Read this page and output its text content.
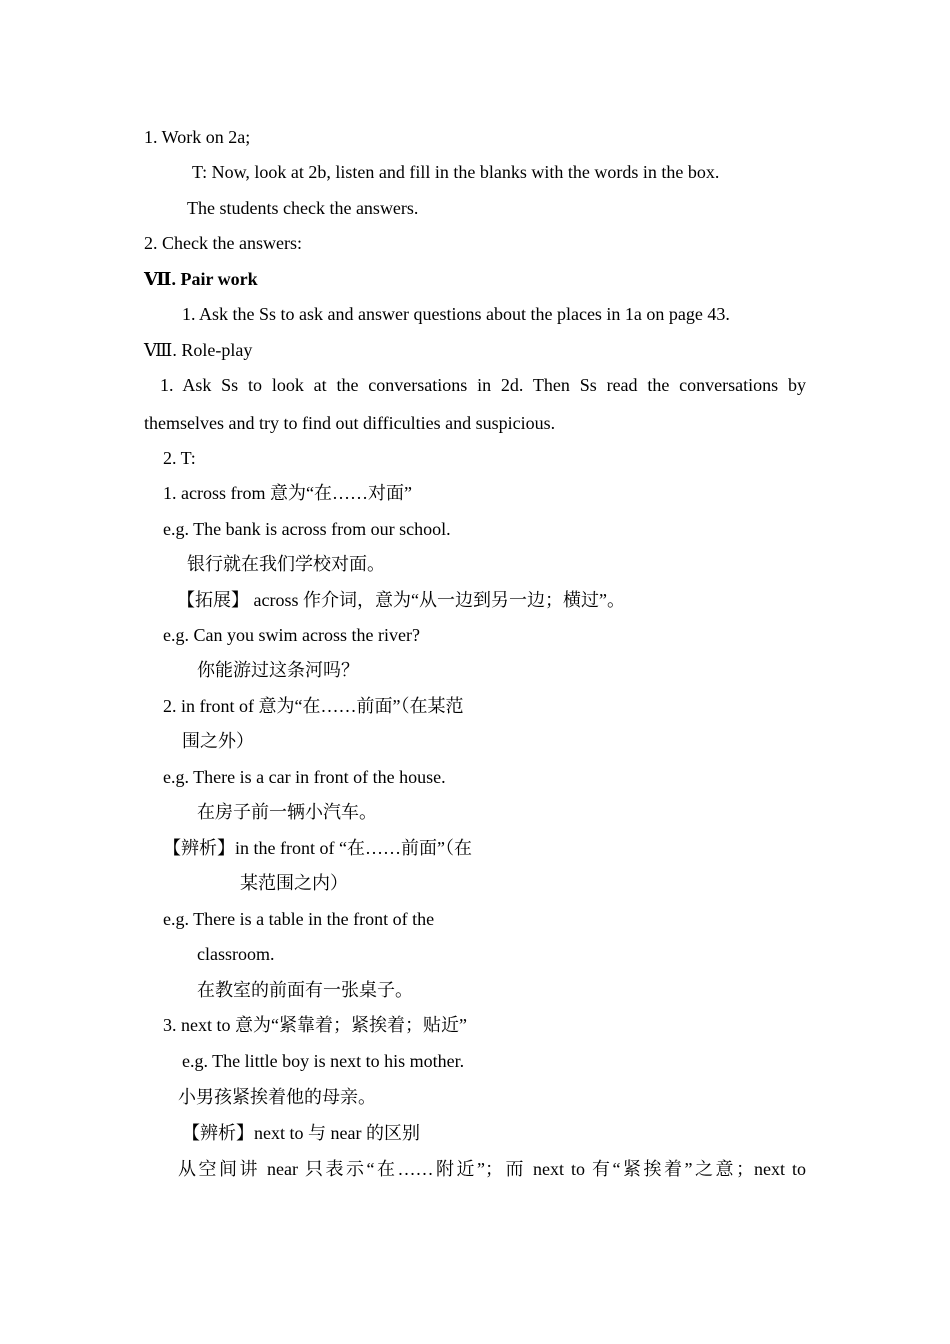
1. Work on 2a;
T: Now, look at 2b, listen and fill in the blanks with the words in the box.
The students check the answers.
2. Check the answers:
Ⅶ. Pair work
1. Ask the Ss to ask and answer questions about the places in 1a on page 43.
Ⅷ. Role-play
1. Ask Ss to look at the conversations in 2d. Then Ss read the conversations by
themselves and try to find out difficulties and suspicious.
2. T:
1. across from 意为“在……对面”
e.g. The bank is across from our school.
银行就在我们学校对面。
【拓展】 across 作介词，意为“从一边到另一边；横过”。
e.g. Can you swim across the river?
你能游过这条河吗？
2. in front of 意为“在……前面”（在某范
围之外）
e.g. There is a car in front of the house.
在房子前一辆小汽车。
【辨析】in the front of “在……前面”（在
某范围之内）
e.g. There is a table in the front of the
classroom.
在教室的前面有一张桌子。
3. next to 意为“紧靠着；紧挨着；贴近”
e.g. The little boy is next to his mother.
小男孩紧挨着他的母亲。
【辨析】next to 与 near 的区别
从空间讲 near 只表示“在……附近”；而 next to 有“紧挨着”之意；next to
